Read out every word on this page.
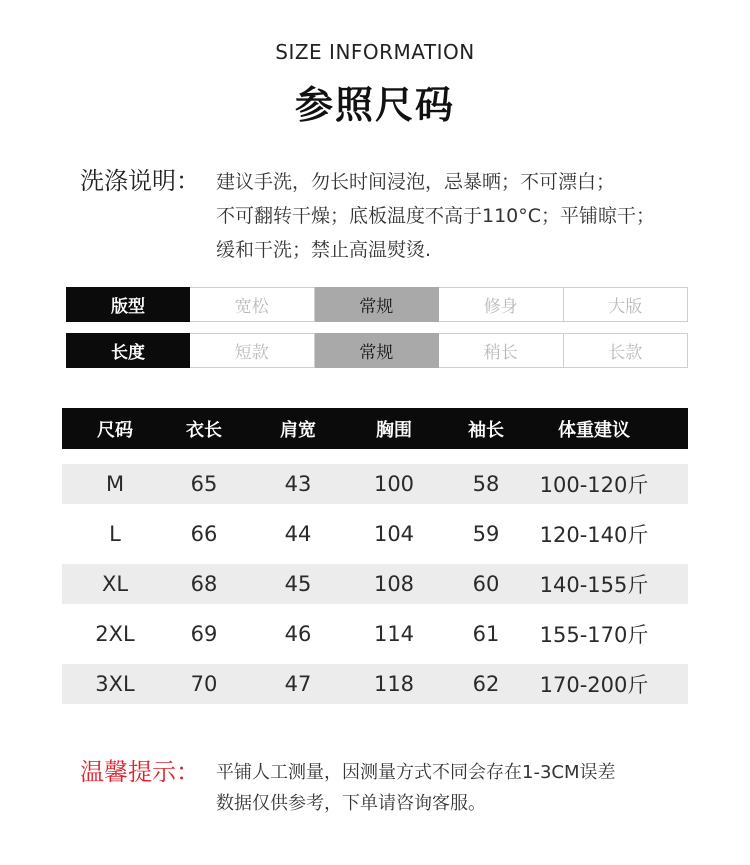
SIZE INFORMATION
参照尺码
洗涤说明： 建议手洗，勿长时间浸泡，忌暴晒；不可漂白；
不可翻转干燥；底板温度不高于110°C；平铺晾干；
缓和干洗；禁止高温熨烫.
版型	宽松	常规	修身	大版
长度	短款	常规	稍长	长款
尺码	衣长	肩宽	胸围	袖长	体重建议
M	65	43	100	58	100-120斤
L	66	44	104	59	120-140斤
XL	68	45	108	60	140-155斤
2XL	69	46	114	61	155-170斤
3XL	70	47	118	62	170-200斤
温馨提示： 平铺人工测量，因测量方式不同会存在1-3CM误差
数据仅供参考，下单请咨询客服。
